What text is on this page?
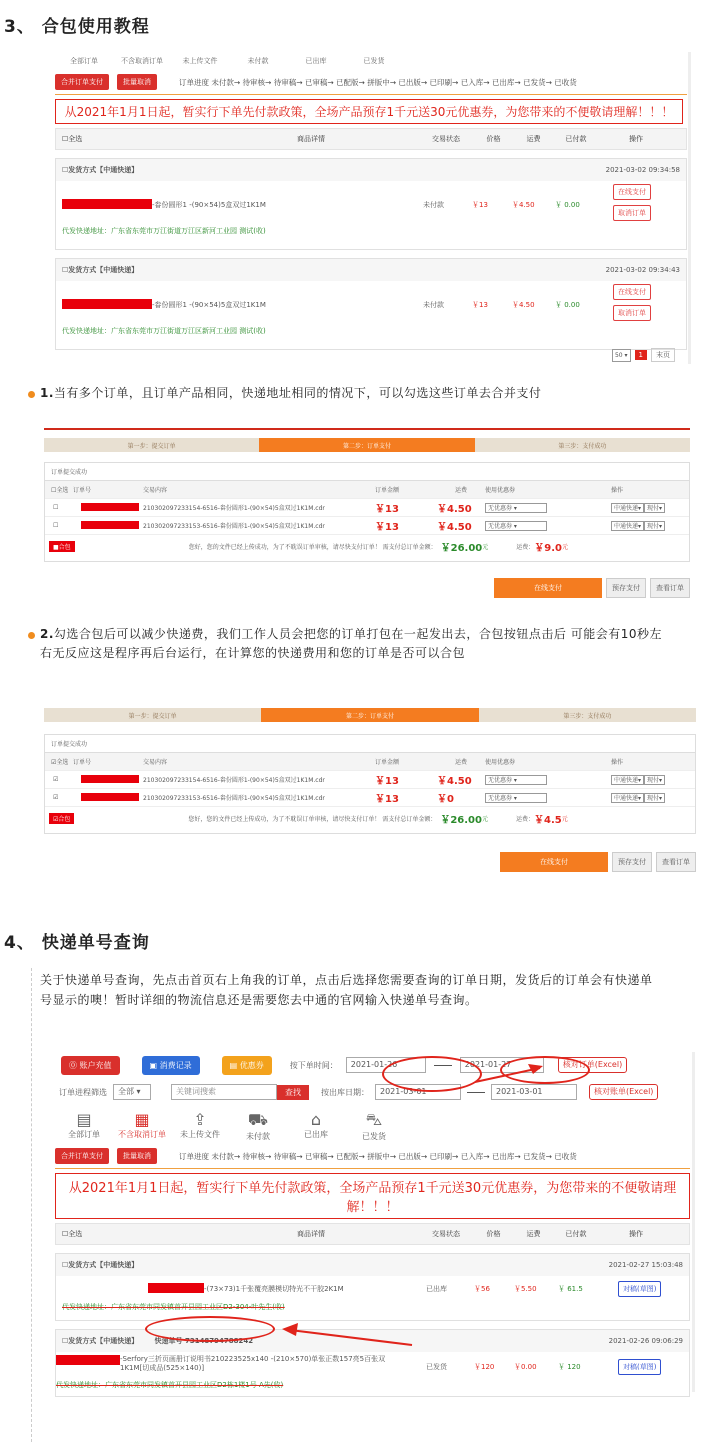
3、 合包使用教程
全部订单	不含取消订单	未上传文件	未付款	已出库	已发货
合并订单支付	批量取消	订单进度 未付款→ 待审核→ 待审稿→ 已审稿→ 已配版→ 拼版中→ 已出版→ 已印刷→ 已入库→ 已出库→ 已发货→ 已收货
从2021年1月1日起，暂实行下单先付款政策，全场产品预存1千元送30元优惠券，为您带来的不便敬请理解！！！
☐全选	商品详情	交易状态	价格	运费	已付款	操作
☐发货方式【中通快递】	2021-03-02 09:34:58
-畚份圆形1 -(90×54)5盒双过1K1M	未付款	￥13	￥4.50	￥ 0.00
在线支付
取消订单
代发快递地址：广东省东莞市万江街道万江区新河工业园 测试(收)
☐发货方式【中通快递】	2021-03-02 09:34:43
-畚份圆形1 -(90×54)5盒双过1K1M	未付款	￥13	￥4.50	￥ 0.00
在线支付
取消订单
代发快递地址：广东省东莞市万江街道万江区新河工业园 测试(收)
50 ▾	1	末页
1.当有多个订单，且订单产品相同，快递地址相同的情况下，可以勾选这些订单去合并支付
第一步：提交订单	第二步：订单支付	第三步：支付成功
订单提交成功
☐全选 订单号	交易内容	订单金额	运费	使用优惠券	操作
☐	210302097233154-6516-畚份圆形1-(90×54)5盒双过1K1M.cdr	￥13	￥4.50	无优惠券 ▾	中通快递▾ 现付▾
☐	210302097233153-6516-畚份圆形1-(90×54)5盒双过1K1M.cdr	￥13	￥4.50	无优惠券 ▾	中通快递▾ 现付▾
■合包	您好，您的文件已经上传成功，为了不耽误订单审核，请尽快支付订单！ 需支付总订单金额： ￥26.00 元	运费： ￥9.0 元
在线支付	预存支付	查看订单
2.勾选合包后可以减少快递费，我们工作人员会把您的订单打包在一起发出去，合包按钮点击后 可能会有10秒左右无反应这是程序再后台运行，在计算您的快递费用和您的订单是否可以合包
第一步：提交订单	第二步：订单支付	第三步：支付成功
订单提交成功
☑全选 订单号	交易内容	订单金额	运费	使用优惠券	操作
☑	210302097233154-6516-畚份圆形1-(90×54)5盒双过1K1M.cdr	￥13	￥4.50	无优惠券 ▾	中通快递▾ 现付▾
☑	210302097233153-6516-畚份圆形1-(90×54)5盒双过1K1M.cdr	￥13	￥0	无优惠券 ▾	中通快递▾ 现付▾
☑合包	您好，您的文件已经上传成功，为了不耽误订单审核，请尽快支付订单！ 需支付总订单金额： ￥26.00 元	运费： ￥4.5 元
在线支付	预存支付	查看订单
4、 快递单号查询
关于快递单号查询，先点击首页右上角我的订单，点击后选择您需要查询的订单日期，发货后的订单会有快递单号显示的噢！暂时详细的物流信息还是需要您去中通的官网输入快递单号查询。
⓪ 账户充值	▣ 消费记录	▤ 优惠券	按下单时间：	2021-01-26	2021-01-27	核对订单(Excel)
订单进程筛选	全部 ▾	关键词搜索	查找	按出库日期：	2021-03-01	2021-03-01	核对账单(Excel)
▤
全部订单
▦
不含取消订单
⇪
未上传文件
⛟
未付款
⌂
已出库
⛍
已发货
合并订单支付	批量取消	订单进度 未付款→ 待审核→ 待审稿→ 已审稿→ 已配版→ 拼版中→ 已出版→ 已印刷→ 已入库→ 已出库→ 已发货→ 已收货
从2021年1月1日起，暂实行下单先付款政策，全场产品预存1千元送30元优惠券，为您带来的不便敬请理解！！！
☐全选	商品详情	交易状态	价格	运费	已付款	操作
☐发货方式【中通快递】	2021-02-27 15:03:48
-(73×73)1千张覆亮膜模切特光不干胶2K1M	已出库	￥56	￥5.50	￥ 61.5	对稿(草图)
代发快递地址：广东省东莞市同发镇首开县园工业区D2-304-叶先生(收)
☐发货方式【中通快递】 快递单号 73148794788242	2021-02-26 09:06:29
-Serfory三折页画册订说明书210223525x140 -(210×570)单张正数157亮5百张双1K1M[切成品(525×140)]	已发货	￥120	￥0.00	￥ 120	对稿(草图)
代发快递地址：广东省东莞市同发镇首开县园工业区D2栋1楼1号 A先(收)
